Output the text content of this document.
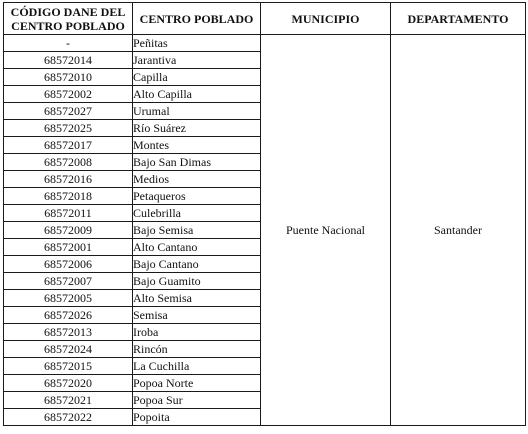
CÓDIGO DANE DEL CENTRO POBLADO	CENTRO POBLADO	MUNICIPIO	DEPARTAMENTO
-	Peñitas	Puente Nacional	Santander
68572014	Jarantiva		
68572010	Capilla		
68572002	Alto Capilla		
68572027	Urumal		
68572025	Río Suárez		
68572017	Montes		
68572008	Bajo San Dimas		
68572016	Medios		
68572018	Petaqueros		
68572011	Culebrilla		
68572009	Bajo Semisa		
68572001	Alto Cantano		
68572006	Bajo Cantano		
68572007	Bajo Guamito		
68572005	Alto Semisa		
68572026	Semisa		
68572013	Iroba		
68572024	Rincón		
68572015	La Cuchilla		
68572020	Popoa Norte		
68572021	Popoa Sur		
68572022	Popoita		
